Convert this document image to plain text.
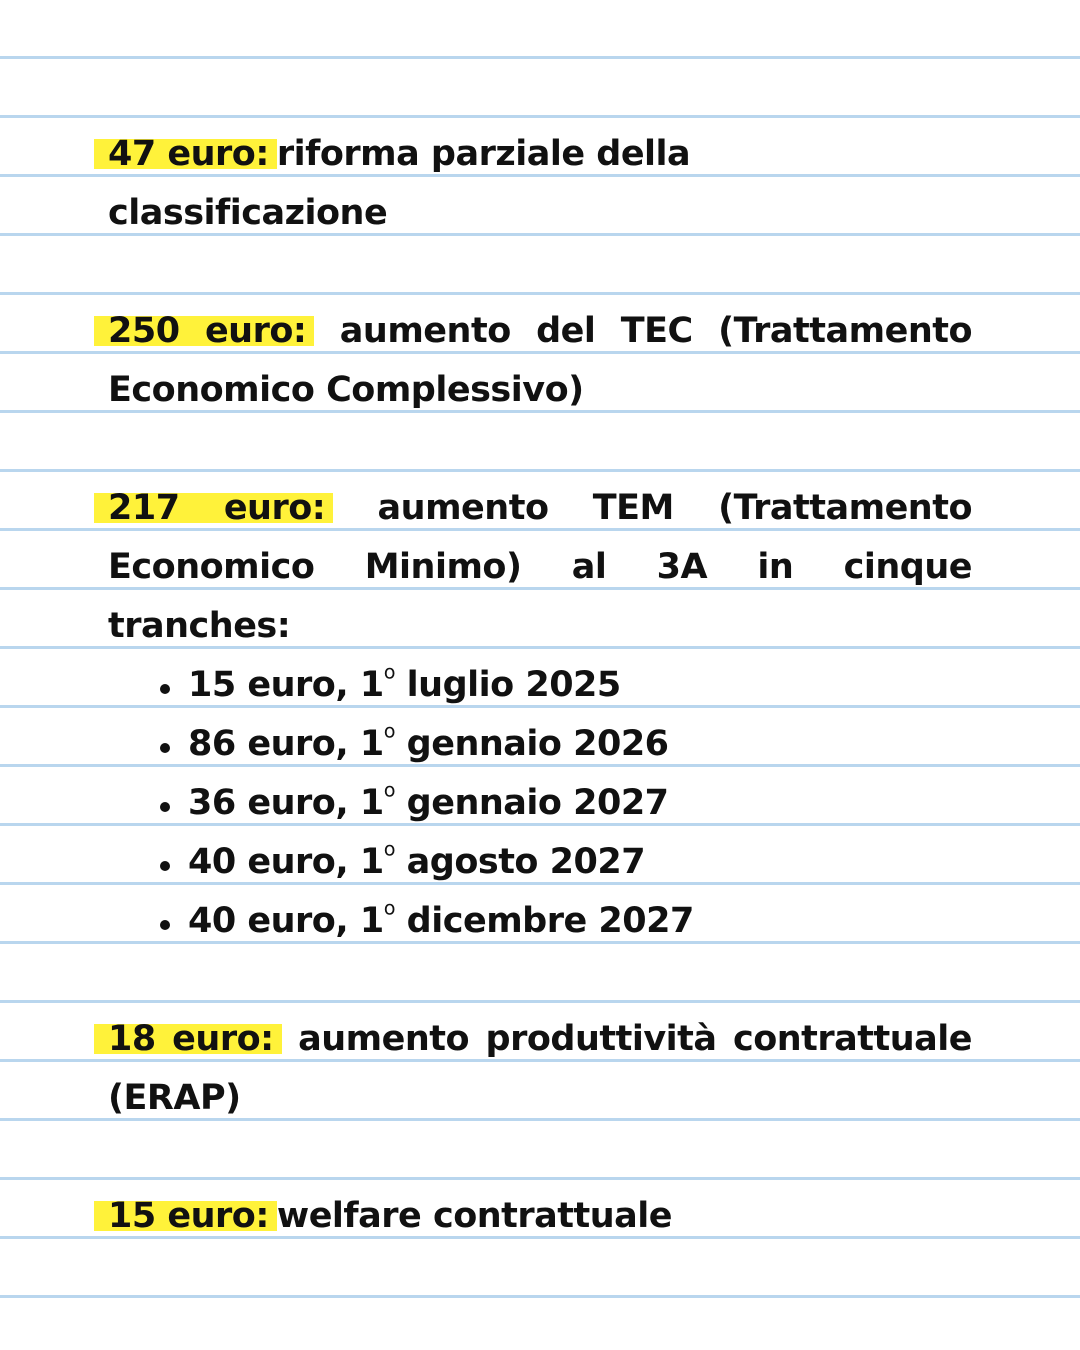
47 euro: riforma parziale della classificazione

250 euro: aumento del TEC (Trattamento Economico Complessivo)

217 euro: aumento TEM (Trattamento Economico Minimo) al 3A in cinque tranches:

15 euro, 1$^o$ luglio 2025
86 euro, 1$^o$ gennaio 2026
36 euro, 1$^o$ gennaio 2027
40 euro, 1$^o$ agosto 2027
40 euro, 1$^o$ dicembre 2027

18 euro: aumento produttività contrattuale (ERAP)

15 euro: welfare contrattuale
